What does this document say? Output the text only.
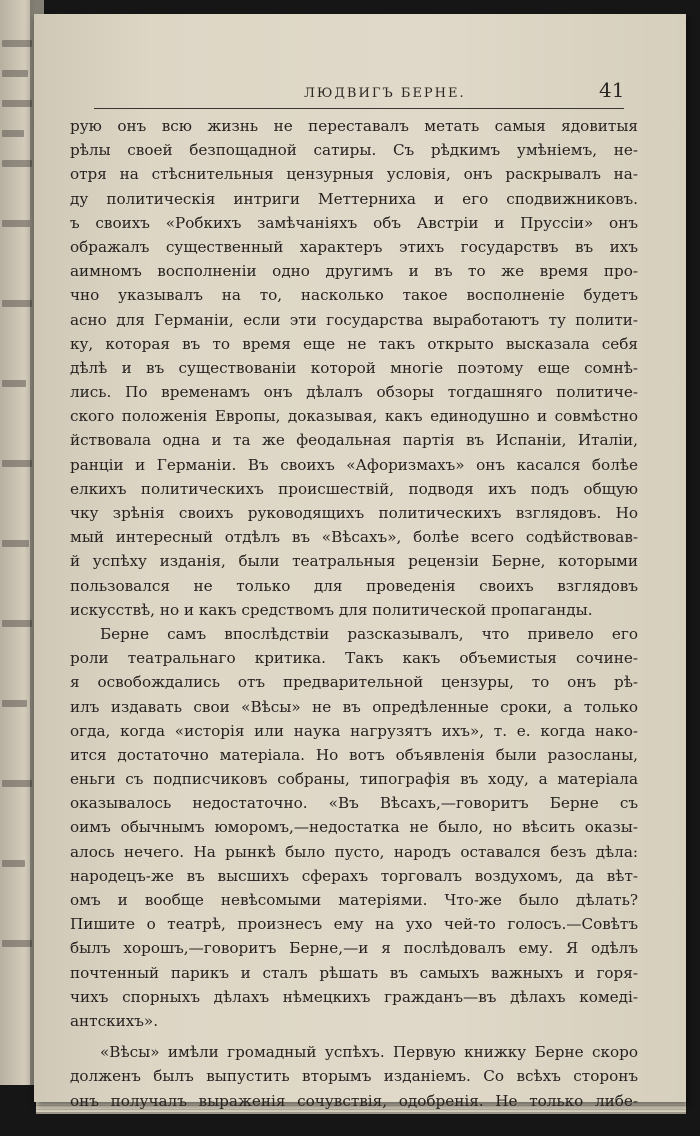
ЛЮДВИГЪ БЕРНЕ.	41
рую онъ всю жизнь не переставалъ метать самыя ядовитыя
рѣлы своей безпощадной сатиры. Съ рѣдкимъ умѣніемъ, не-
отря на стѣснительныя цензурныя условія, онъ раскрывалъ на-
ду политическія интриги Меттерниха и его сподвижниковъ.
ъ своихъ «Робкихъ замѣчаніяхъ объ Австріи и Пруссіи» онъ
ображалъ существенный характеръ этихъ государствъ въ ихъ
аимномъ восполненіи одно другимъ и въ то же время про-
чно указывалъ на то, насколько такое восполненіе будетъ
асно для Германіи, если эти государства выработаютъ ту полити-
ку, которая въ то время еще не такъ открыто высказала себя
дѣлѣ и въ существованіи которой многіе поэтому еще сомнѣ-
лись. По временамъ онъ дѣлалъ обзоры тогдашняго политиче-
ского положенія Европы, доказывая, какъ единодушно и совмѣстно
йствовала одна и та же феодальная партія въ Испаніи, Италіи,
ранціи и Германіи. Въ своихъ «Афоризмахъ» онъ касался болѣе
елкихъ политическихъ происшествій, подводя ихъ подъ общую
чку зрѣнія своихъ руководящихъ политическихъ взглядовъ. Но
мый интересный отдѣлъ въ «Вѣсахъ», болѣе всего содѣйствовав-
й успѣху изданія, были театральныя рецензіи Берне, которыми
пользовался не только для проведенія своихъ взглядовъ
искусствѣ, но и какъ средствомъ для политической пропаганды.
Берне самъ впослѣдствіи разсказывалъ, что привело его
роли театральнаго критика. Такъ какъ объемистыя сочине-
я освобождались отъ предварительной цензуры, то онъ рѣ-
илъ издавать свои «Вѣсы» не въ опредѣленные сроки, а только
огда, когда «исторія или наука нагрузятъ ихъ», т. е. когда нако-
ится достаточно матеріала. Но вотъ объявленія были разосланы,
еньги съ подписчиковъ собраны, типографія въ ходу, а матеріала
оказывалось недостаточно. «Въ Вѣсахъ,—говоритъ Берне съ
оимъ обычнымъ юморомъ,—недостатка не было, но вѣсить оказы-
алось нечего. На рынкѣ было пусто, народъ оставался безъ дѣла:
народецъ-же въ высшихъ сферахъ торговалъ воздухомъ, да вѣт-
омъ и вообще невѣсомыми матеріями. Что-же было дѣлать?
Пишите о театрѣ, произнесъ ему на ухо чей-то голосъ.—Совѣтъ
былъ хорошъ,—говоритъ Берне,—и я послѣдовалъ ему. Я одѣлъ
почтенный парикъ и сталъ рѣшать въ самыхъ важныхъ и горя-
чихъ спорныхъ дѣлахъ нѣмецкихъ гражданъ—въ дѣлахъ комеді-
антскихъ».
«Вѣсы» имѣли громадный успѣхъ. Первую книжку Берне скоро
долженъ былъ выпустить вторымъ изданіемъ. Со всѣхъ сторонъ
онъ получалъ выраженія сочувствія, одобренія. Не только либе-
